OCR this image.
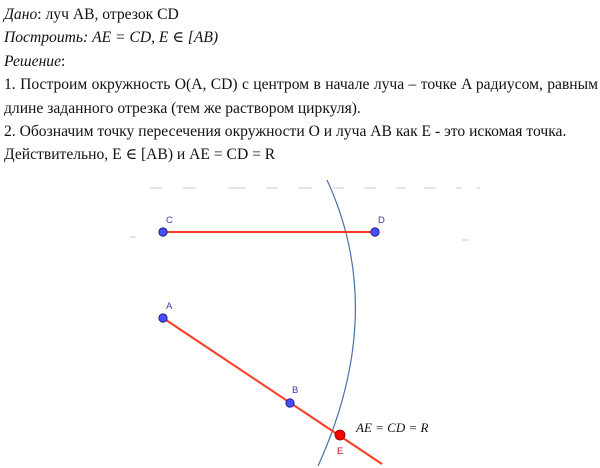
Дано: луч AB, отрезок CD
Построить: AE = CD, E ∈ [AB)
Решение:
1. Построим окружность O(A, CD) с центром в начале луча – точке A радиусом, равным длине заданного отрезка (тем же раствором циркуля).
2. Обозначим точку пересечения окружности O и луча AB как E - это искомая точка.
Действительно, E ∈ [AB) и AE = CD = R
C	D
A
B
E
AE = CD = R
